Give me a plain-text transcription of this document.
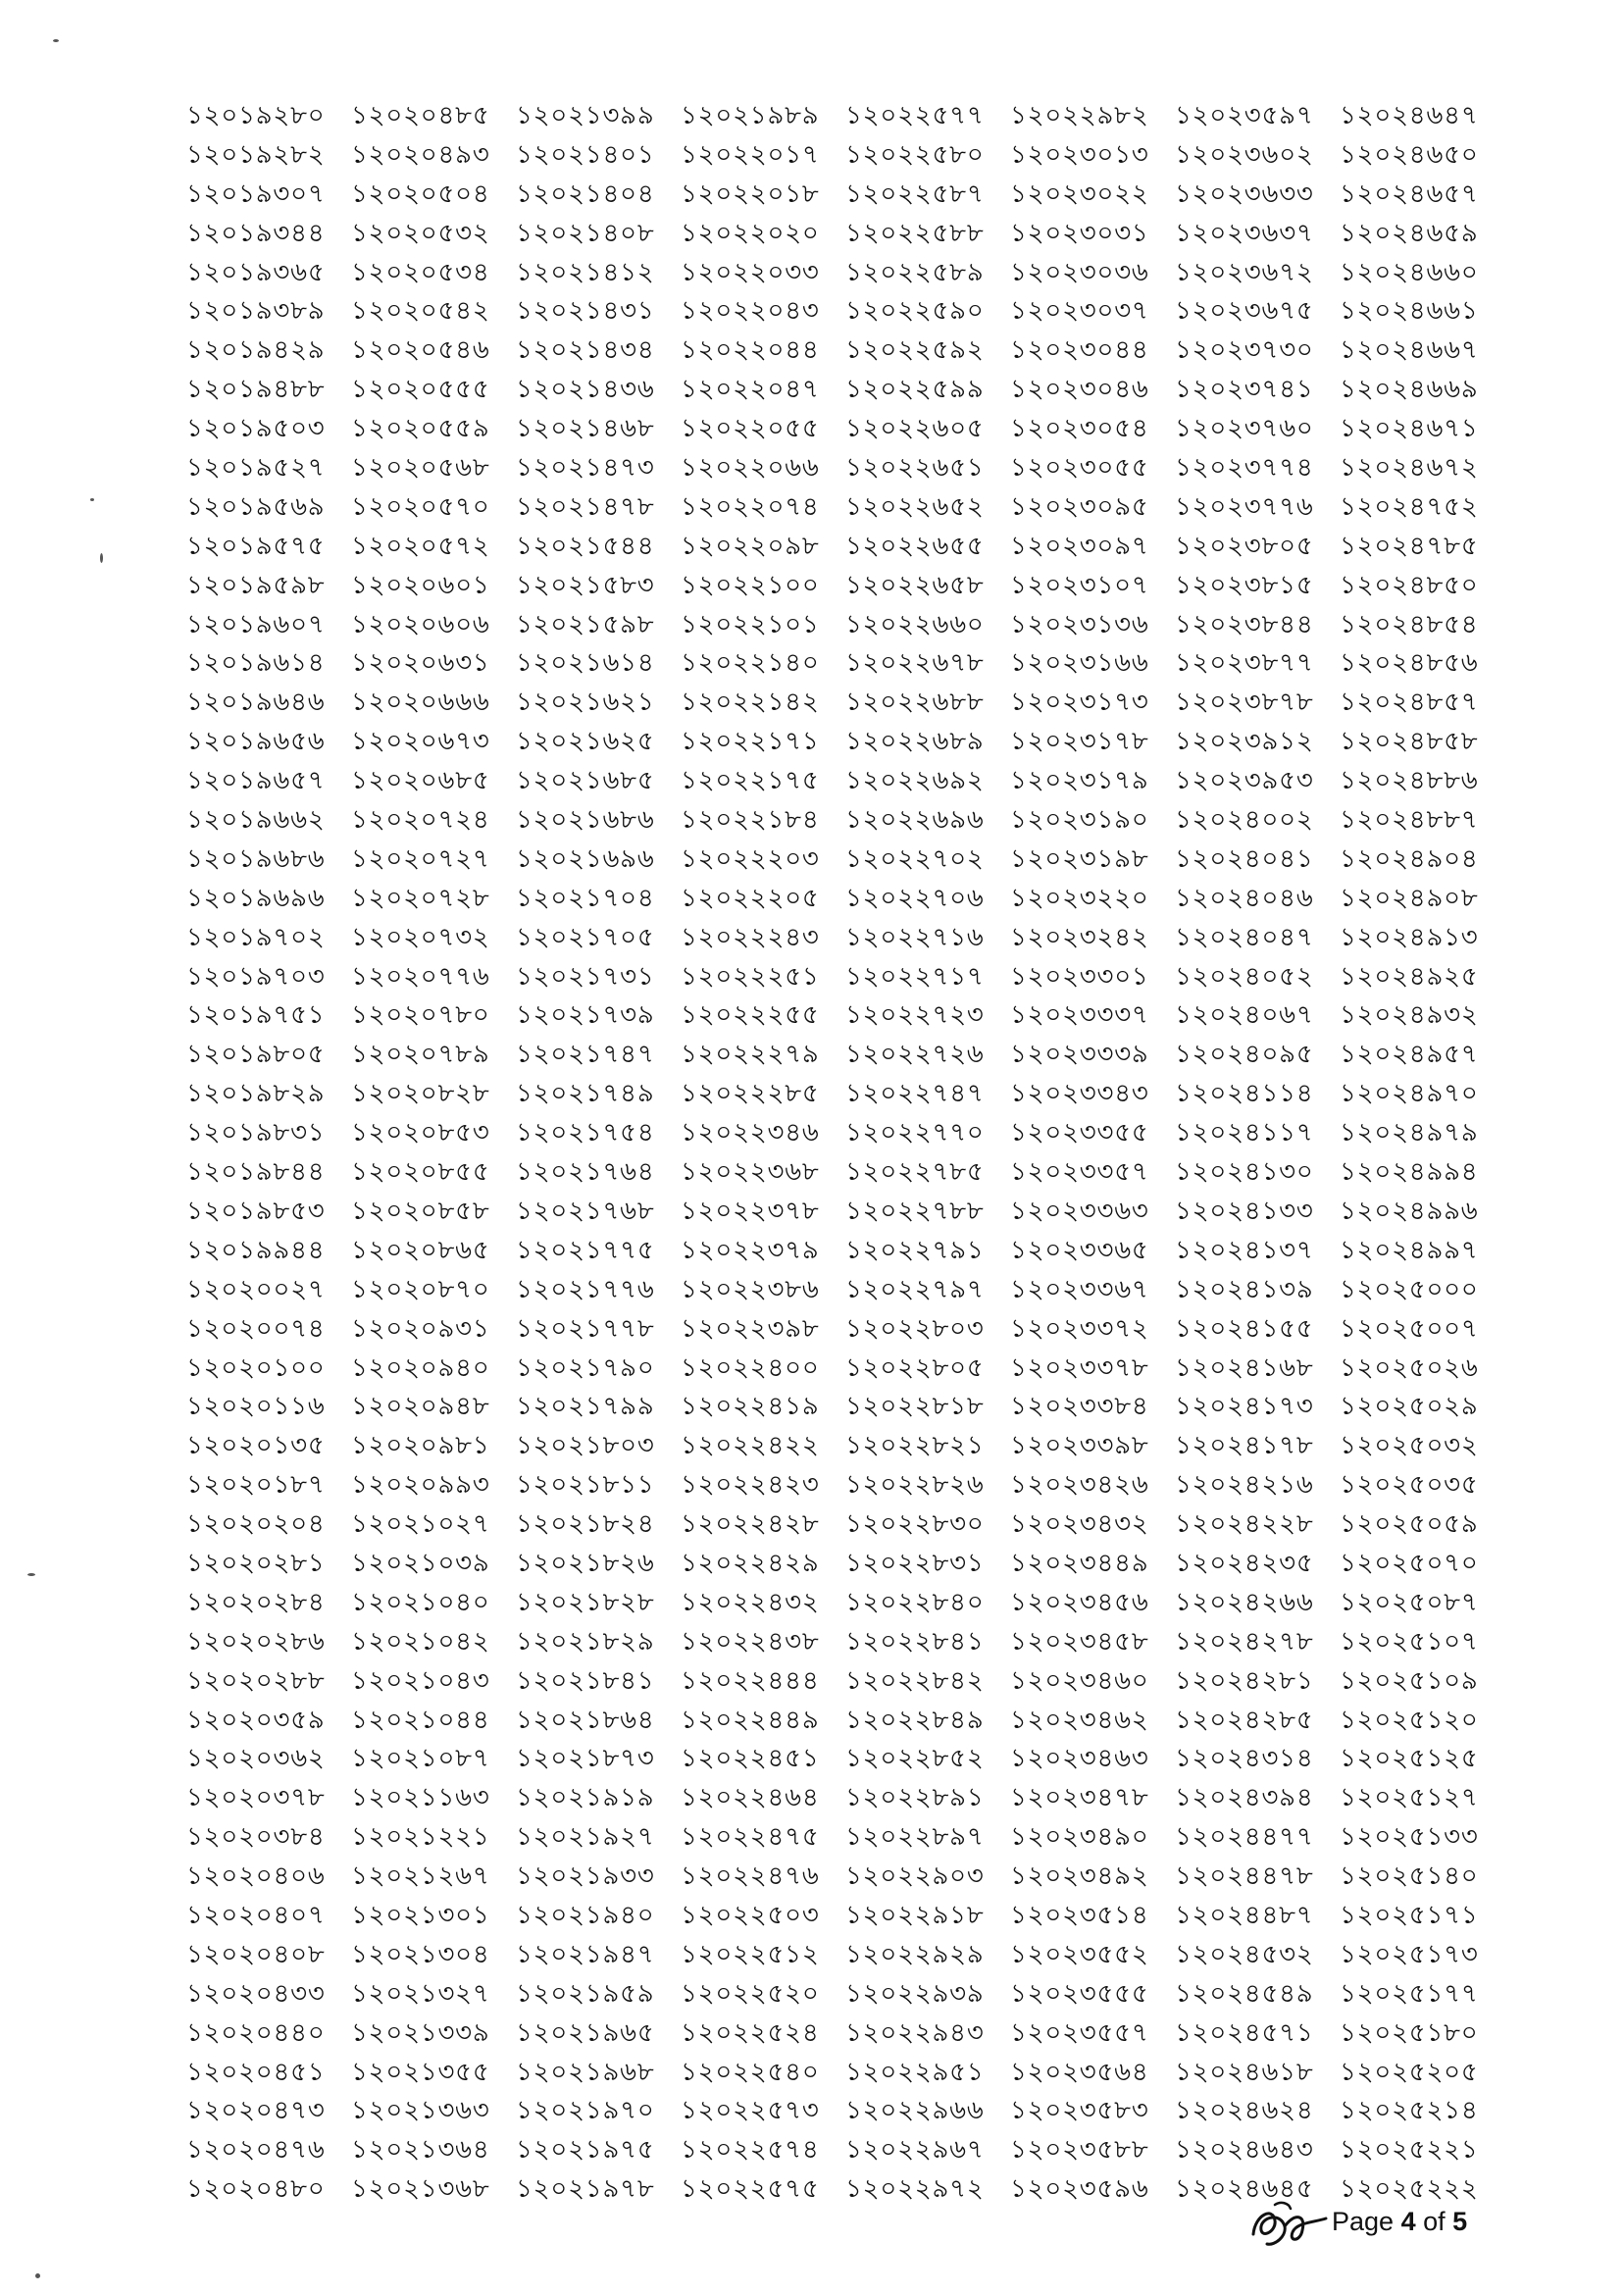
১২০১৯২৮০	১২০২০৪৮৫	১২০২১৩৯৯	১২০২১৯৮৯	১২০২২৫৭৭	১২০২২৯৮২	১২০২৩৫৯৭	১২০২৪৬৪৭
১২০১৯২৮২	১২০২০৪৯৩	১২০২১৪০১	১২০২২০১৭	১২০২২৫৮০	১২০২৩০১৩	১২০২৩৬০২	১২০২৪৬৫০
১২০১৯৩০৭	১২০২০৫০৪	১২০২১৪০৪	১২০২২০১৮	১২০২২৫৮৭	১২০২৩০২২	১২০২৩৬৩৩	১২০২৪৬৫৭
১২০১৯৩৪৪	১২০২০৫৩২	১২০২১৪০৮	১২০২২০২০	১২০২২৫৮৮	১২০২৩০৩১	১২০২৩৬৩৭	১২০২৪৬৫৯
১২০১৯৩৬৫	১২০২০৫৩৪	১২০২১৪১২	১২০২২০৩৩	১২০২২৫৮৯	১২০২৩০৩৬	১২০২৩৬৭২	১২০২৪৬৬০
১২০১৯৩৮৯	১২০২০৫৪২	১২০২১৪৩১	১২০২২০৪৩	১২০২২৫৯০	১২০২৩০৩৭	১২০২৩৬৭৫	১২০২৪৬৬১
১২০১৯৪২৯	১২০২০৫৪৬	১২০২১৪৩৪	১২০২২০৪৪	১২০২২৫৯২	১২০২৩০৪৪	১২০২৩৭৩০	১২০২৪৬৬৭
১২০১৯৪৮৮	১২০২০৫৫৫	১২০২১৪৩৬	১২০২২০৪৭	১২০২২৫৯৯	১২০২৩০৪৬	১২০২৩৭৪১	১২০২৪৬৬৯
১২০১৯৫০৩	১২০২০৫৫৯	১২০২১৪৬৮	১২০২২০৫৫	১২০২২৬০৫	১২০২৩০৫৪	১২০২৩৭৬০	১২০২৪৬৭১
১২০১৯৫২৭	১২০২০৫৬৮	১২০২১৪৭৩	১২০২২০৬৬	১২০২২৬৫১	১২০২৩০৫৫	১২০২৩৭৭৪	১২০২৪৬৭২
১২০১৯৫৬৯	১২০২০৫৭০	১২০২১৪৭৮	১২০২২০৭৪	১২০২২৬৫২	১২০২৩০৯৫	১২০২৩৭৭৬	১২০২৪৭৫২
১২০১৯৫৭৫	১২০২০৫৭২	১২০২১৫৪৪	১২০২২০৯৮	১২০২২৬৫৫	১২০২৩০৯৭	১২০২৩৮০৫	১২০২৪৭৮৫
১২০১৯৫৯৮	১২০২০৬০১	১২০২১৫৮৩	১২০২২১০০	১২০২২৬৫৮	১২০২৩১০৭	১২০২৩৮১৫	১২০২৪৮৫০
১২০১৯৬০৭	১২০২০৬০৬	১২০২১৫৯৮	১২০২২১০১	১২০২২৬৬০	১২০২৩১৩৬	১২০২৩৮৪৪	১২০২৪৮৫৪
১২০১৯৬১৪	১২০২০৬৩১	১২০২১৬১৪	১২০২২১৪০	১২০২২৬৭৮	১২০২৩১৬৬	১২০২৩৮৭৭	১২০২৪৮৫৬
১২০১৯৬৪৬	১২০২০৬৬৬	১২০২১৬২১	১২০২২১৪২	১২০২২৬৮৮	১২০২৩১৭৩	১২০২৩৮৭৮	১২০২৪৮৫৭
১২০১৯৬৫৬	১২০২০৬৭৩	১২০২১৬২৫	১২০২২১৭১	১২০২২৬৮৯	১২০২৩১৭৮	১২০২৩৯১২	১২০২৪৮৫৮
১২০১৯৬৫৭	১২০২০৬৮৫	১২০২১৬৮৫	১২০২২১৭৫	১২০২২৬৯২	১২০২৩১৭৯	১২০২৩৯৫৩	১২০২৪৮৮৬
১২০১৯৬৬২	১২০২০৭২৪	১২০২১৬৮৬	১২০২২১৮৪	১২০২২৬৯৬	১২০২৩১৯০	১২০২৪০০২	১২০২৪৮৮৭
১২০১৯৬৮৬	১২০২০৭২৭	১২০২১৬৯৬	১২০২২২০৩	১২০২২৭০২	১২০২৩১৯৮	১২০২৪০৪১	১২০২৪৯০৪
১২০১৯৬৯৬	১২০২০৭২৮	১২০২১৭০৪	১২০২২২০৫	১২০২২৭০৬	১২০২৩২২০	১২০২৪০৪৬	১২০২৪৯০৮
১২০১৯৭০২	১২০২০৭৩২	১২০২১৭০৫	১২০২২২৪৩	১২০২২৭১৬	১২০২৩২৪২	১২০২৪০৪৭	১২০২৪৯১৩
১২০১৯৭০৩	১২০২০৭৭৬	১২০২১৭৩১	১২০২২২৫১	১২০২২৭১৭	১২০২৩৩০১	১২০২৪০৫২	১২০২৪৯২৫
১২০১৯৭৫১	১২০২০৭৮০	১২০২১৭৩৯	১২০২২২৫৫	১২০২২৭২৩	১২০২৩৩৩৭	১২০২৪০৬৭	১২০২৪৯৩২
১২০১৯৮০৫	১২০২০৭৮৯	১২০২১৭৪৭	১২০২২২৭৯	১২০২২৭২৬	১২০২৩৩৩৯	১২০২৪০৯৫	১২০২৪৯৫৭
১২০১৯৮২৯	১২০২০৮২৮	১২০২১৭৪৯	১২০২২২৮৫	১২০২২৭৪৭	১২০২৩৩৪৩	১২০২৪১১৪	১২০২৪৯৭০
১২০১৯৮৩১	১২০২০৮৫৩	১২০২১৭৫৪	১২০২২৩৪৬	১২০২২৭৭০	১২০২৩৩৫৫	১২০২৪১১৭	১২০২৪৯৭৯
১২০১৯৮৪৪	১২০২০৮৫৫	১২০২১৭৬৪	১২০২২৩৬৮	১২০২২৭৮৫	১২০২৩৩৫৭	১২০২৪১৩০	১২০২৪৯৯৪
১২০১৯৮৫৩	১২০২০৮৫৮	১২০২১৭৬৮	১২০২২৩৭৮	১২০২২৭৮৮	১২০২৩৩৬৩	১২০২৪১৩৩	১২০২৪৯৯৬
১২০১৯৯৪৪	১২০২০৮৬৫	১২০২১৭৭৫	১২০২২৩৭৯	১২০২২৭৯১	১২০২৩৩৬৫	১২০২৪১৩৭	১২০২৪৯৯৭
১২০২০০২৭	১২০২০৮৭০	১২০২১৭৭৬	১২০২২৩৮৬	১২০২২৭৯৭	১২০২৩৩৬৭	১২০২৪১৩৯	১২০২৫০০০
১২০২০০৭৪	১২০২০৯৩১	১২০২১৭৭৮	১২০২২৩৯৮	১২০২২৮০৩	১২০২৩৩৭২	১২০২৪১৫৫	১২০২৫০০৭
১২০২০১০০	১২০২০৯৪০	১২০২১৭৯০	১২০২২৪০০	১২০২২৮০৫	১২০২৩৩৭৮	১২০২৪১৬৮	১২০২৫০২৬
১২০২০১১৬	১২০২০৯৪৮	১২০২১৭৯৯	১২০২২৪১৯	১২০২২৮১৮	১২০২৩৩৮৪	১২০২৪১৭৩	১২০২৫০২৯
১২০২০১৩৫	১২০২০৯৮১	১২০২১৮০৩	১২০২২৪২২	১২০২২৮২১	১২০২৩৩৯৮	১২০২৪১৭৮	১২০২৫০৩২
১২০২০১৮৭	১২০২০৯৯৩	১২০২১৮১১	১২০২২৪২৩	১২০২২৮২৬	১২০২৩৪২৬	১২০২৪২১৬	১২০২৫০৩৫
১২০২০২০৪	১২০২১০২৭	১২০২১৮২৪	১২০২২৪২৮	১২০২২৮৩০	১২০২৩৪৩২	১২০২৪২২৮	১২০২৫০৫৯
১২০২০২৮১	১২০২১০৩৯	১২০২১৮২৬	১২০২২৪২৯	১২০২২৮৩১	১২০২৩৪৪৯	১২০২৪২৩৫	১২০২৫০৭০
১২০২০২৮৪	১২০২১০৪০	১২০২১৮২৮	১২০২২৪৩২	১২০২২৮৪০	১২০২৩৪৫৬	১২০২৪২৬৬	১২০২৫০৮৭
১২০২০২৮৬	১২০২১০৪২	১২০২১৮২৯	১২০২২৪৩৮	১২০২২৮৪১	১২০২৩৪৫৮	১২০২৪২৭৮	১২০২৫১০৭
১২০২০২৮৮	১২০২১০৪৩	১২০২১৮৪১	১২০২২৪৪৪	১২০২২৮৪২	১২০২৩৪৬০	১২০২৪২৮১	১২০২৫১০৯
১২০২০৩৫৯	১২০২১০৪৪	১২০২১৮৬৪	১২০২২৪৪৯	১২০২২৮৪৯	১২০২৩৪৬২	১২০২৪২৮৫	১২০২৫১২০
১২০২০৩৬২	১২০২১০৮৭	১২০২১৮৭৩	১২০২২৪৫১	১২০২২৮৫২	১২০২৩৪৬৩	১২০২৪৩১৪	১২০২৫১২৫
১২০২০৩৭৮	১২০২১১৬৩	১২০২১৯১৯	১২০২২৪৬৪	১২০২২৮৯১	১২০২৩৪৭৮	১২০২৪৩৯৪	১২০২৫১২৭
১২০২০৩৮৪	১২০২১২২১	১২০২১৯২৭	১২০২২৪৭৫	১২০২২৮৯৭	১২০২৩৪৯০	১২০২৪৪৭৭	১২০২৫১৩৩
১২০২০৪০৬	১২০২১২৬৭	১২০২১৯৩৩	১২০২২৪৭৬	১২০২২৯০৩	১২০২৩৪৯২	১২০২৪৪৭৮	১২০২৫১৪০
১২০২০৪০৭	১২০২১৩০১	১২০২১৯৪০	১২০২২৫০৩	১২০২২৯১৮	১২০২৩৫১৪	১২০২৪৪৮৭	১২০২৫১৭১
১২০২০৪০৮	১২০২১৩০৪	১২০২১৯৪৭	১২০২২৫১২	১২০২২৯২৯	১২০২৩৫৫২	১২০২৪৫৩২	১২০২৫১৭৩
১২০২০৪৩৩	১২০২১৩২৭	১২০২১৯৫৯	১২০২২৫২০	১২০২২৯৩৯	১২০২৩৫৫৫	১২০২৪৫৪৯	১২০২৫১৭৭
১২০২০৪৪০	১২০২১৩৩৯	১২০২১৯৬৫	১২০২২৫২৪	১২০২২৯৪৩	১২০২৩৫৫৭	১২০২৪৫৭১	১২০২৫১৮০
১২০২০৪৫১	১২০২১৩৫৫	১২০২১৯৬৮	১২০২২৫৪০	১২০২২৯৫১	১২০২৩৫৬৪	১২০২৪৬১৮	১২০২৫২০৫
১২০২০৪৭৩	১২০২১৩৬৩	১২০২১৯৭০	১২০২২৫৭৩	১২০২২৯৬৬	১২০২৩৫৮৩	১২০২৪৬২৪	১২০২৫২১৪
১২০২০৪৭৬	১২০২১৩৬৪	১২০২১৯৭৫	১২০২২৫৭৪	১২০২২৯৬৭	১২০২৩৫৮৮	১২০২৪৬৪৩	১২০২৫২২১
১২০২০৪৮০	১২০২১৩৬৮	১২০২১৯৭৮	১২০২২৫৭৫	১২০২২৯৭২	১২০২৩৫৯৬	১২০২৪৬৪৫	১২০২৫২২২
Page 4 of 5
